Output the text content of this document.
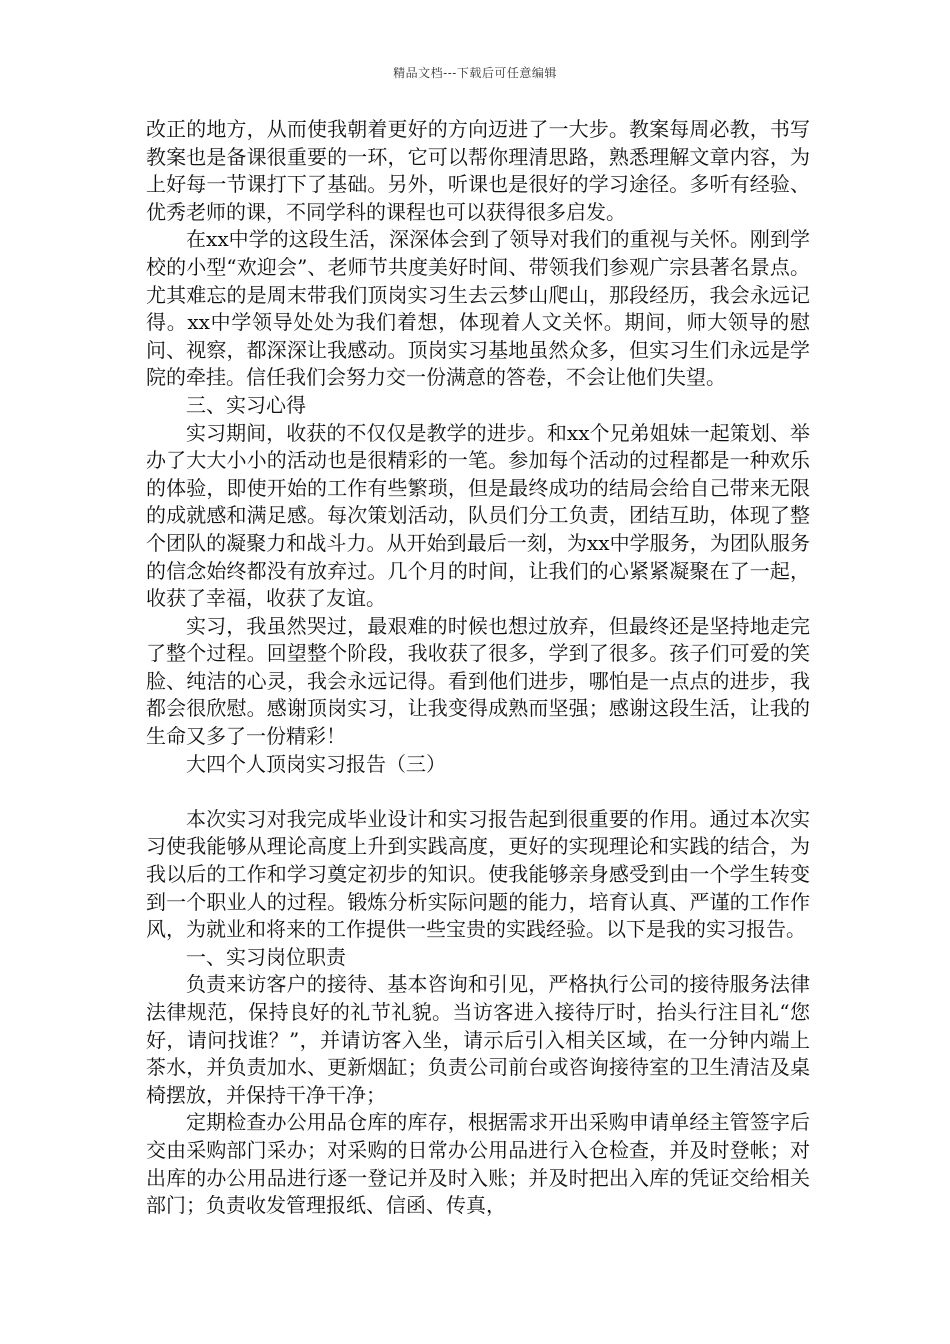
精品文档---下载后可任意编辑

改正的地方，从而使我朝着更好的方向迈进了一大步。教案每周必教，书写教案也是备课很重要的一环，它可以帮你理清思路，熟悉理解文章内容，为上好每一节课打下了基础。另外，听课也是很好的学习途径。多听有经验、优秀老师的课，不同学科的课程也可以获得很多启发。

在xx中学的这段生活，深深体会到了领导对我们的重视与关怀。刚到学校的小型“欢迎会”、老师节共度美好时间、带领我们参观广宗县著名景点。尤其难忘的是周末带我们顶岗实习生去云梦山爬山，那段经历，我会永远记得。xx中学领导处处为我们着想，体现着人文关怀。期间，师大领导的慰问、视察，都深深让我感动。顶岗实习基地虽然众多，但实习生们永远是学院的牵挂。信任我们会努力交一份满意的答卷，不会让他们失望。

三、实习心得

实习期间，收获的不仅仅是教学的进步。和xx个兄弟姐妹一起策划、举办了大大小小的活动也是很精彩的一笔。参加每个活动的过程都是一种欢乐的体验，即使开始的工作有些繁琐，但是最终成功的结局会给自己带来无限的成就感和满足感。每次策划活动，队员们分工负责，团结互助，体现了整个团队的凝聚力和战斗力。从开始到最后一刻，为xx中学服务，为团队服务的信念始终都没有放弃过。几个月的时间，让我们的心紧紧凝聚在了一起，收获了幸福，收获了友谊。

实习，我虽然哭过，最艰难的时候也想过放弃，但最终还是坚持地走完了整个过程。回望整个阶段，我收获了很多，学到了很多。孩子们可爱的笑脸、纯洁的心灵，我会永远记得。看到他们进步，哪怕是一点点的进步，我都会很欣慰。感谢顶岗实习，让我变得成熟而坚强；感谢这段生活，让我的生命又多了一份精彩！

大四个人顶岗实习报告（三）

本次实习对我完成毕业设计和实习报告起到很重要的作用。通过本次实习使我能够从理论高度上升到实践高度，更好的实现理论和实践的结合，为我以后的工作和学习奠定初步的知识。使我能够亲身感受到由一个学生转变到一个职业人的过程。锻炼分析实际问题的能力，培育认真、严谨的工作作风，为就业和将来的工作提供一些宝贵的实践经验。以下是我的实习报告。

一、实习岗位职责

负责来访客户的接待、基本咨询和引见，严格执行公司的接待服务法律法律规范，保持良好的礼节礼貌。当访客进入接待厅时，抬头行注目礼“您好，请问找谁？”，并请访客入坐，请示后引入相关区域，在一分钟内端上茶水，并负责加水、更新烟缸；负责公司前台或咨询接待室的卫生清洁及桌椅摆放，并保持干净干净；

定期检查办公用品仓库的库存，根据需求开出采购申请单经主管签字后交由采购部门采办；对采购的日常办公用品进行入仓检查，并及时登帐；对出库的办公用品进行逐一登记并及时入账；并及时把出入库的凭证交给相关部门；负责收发管理报纸、信函、传真，
